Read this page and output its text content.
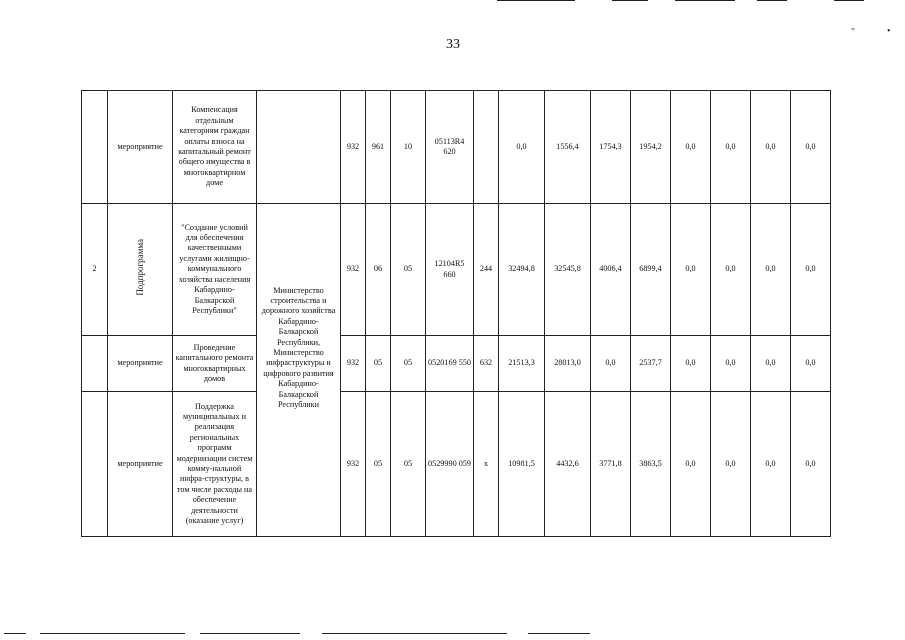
"	•
33
	мероприятие	Компенсация отдельным категориям граждан оплаты взноса на капитальный ремонт общего имущества в многоквартирном доме		932	961	10	05113R4 620		0,0	1556,4	1754,3	1954,2	0,0	0,0	0,0	0,0
2	Подпрограмма	"Создание условий для обеспечения качественными услугами жилищно-коммунального хозяйства населения Кабардино-Балкарской Республики"	Министерство строительства и дорожного хозяйства Кабардино-Балкарской Республики, Министерство инфраструктуры и цифрового развития Кабардино-Балкарской Республики	932	06	05	12104R5 660	244	32494,8	32545,8	4006,4	6899,4	0,0	0,0	0,0	0,0
	мероприятие	Проведение капитального ремонта многоквартирных домов		932	05	05	0520169 550	632	21513,3	28013,0	0,0	2537,7	0,0	0,0	0,0	0,0
	мероприятие	Поддержка муниципальных и реализация региональных программ модернизации систем комму-нальной инфра-структуры, в том числе расходы на обеспечение деятельности (оказание услуг)		932	05	05	0529990 059	x	10981,5	4432,6	3771,8	3863,5	0,0	0,0	0,0	0,0
